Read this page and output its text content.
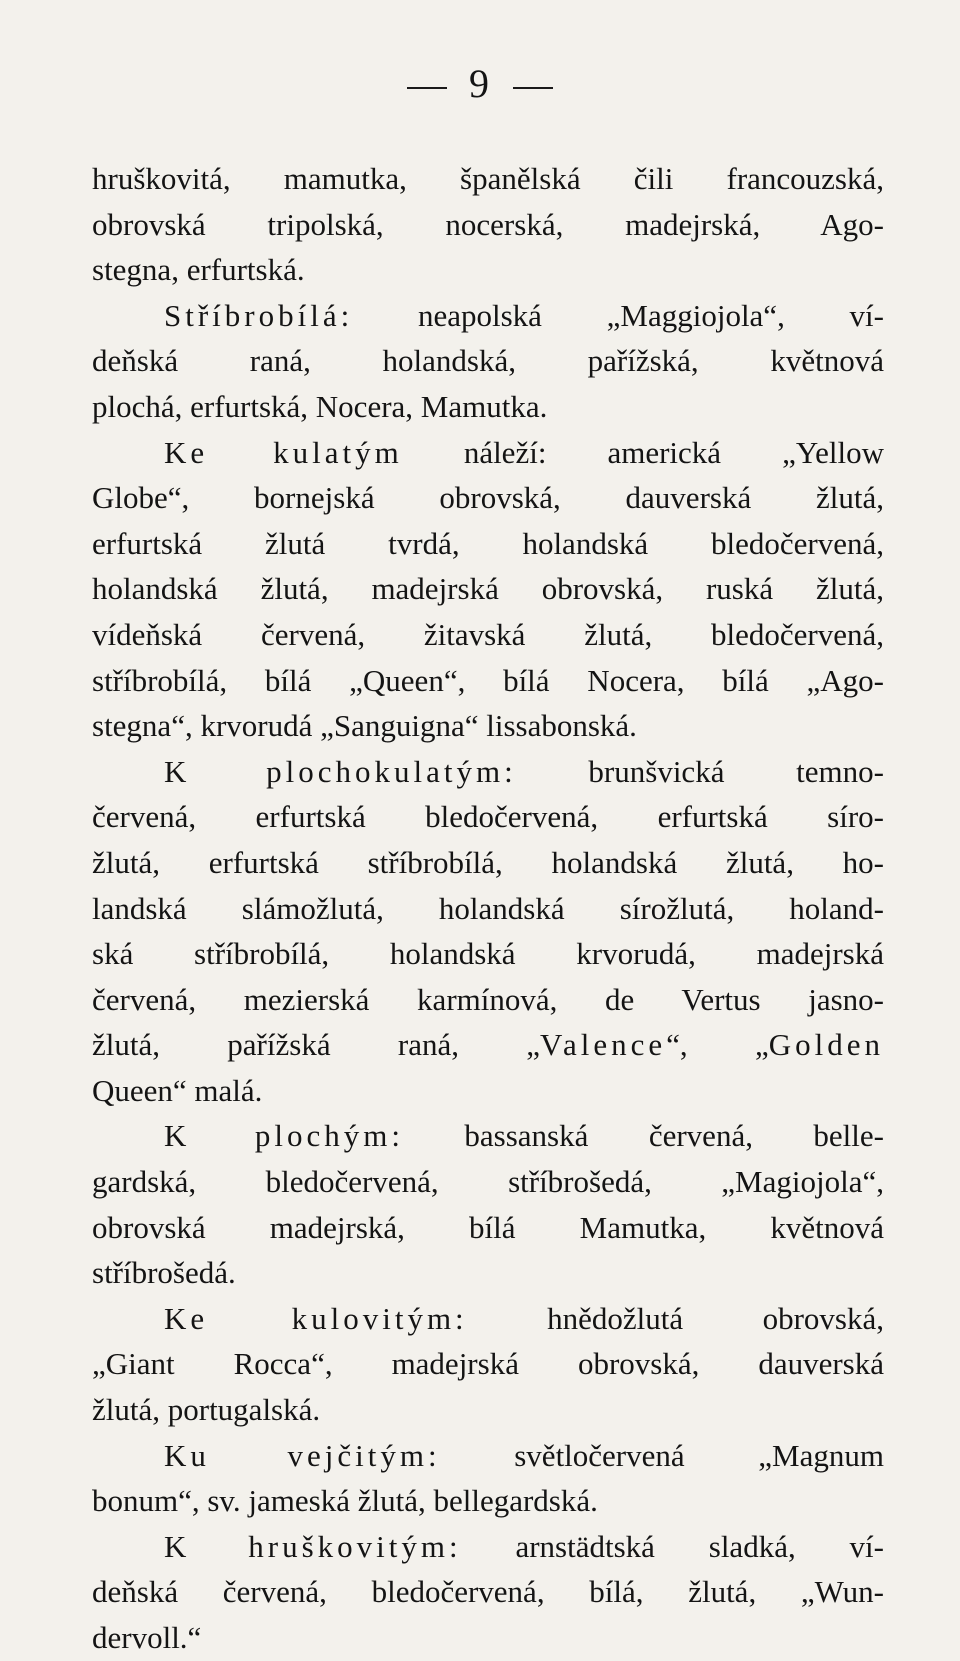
9
hruškovitá, mamutka, španělská čili francouzská,
obrovská tripolská, nocerská, madejrská, Ago-
stegna, erfurtská.
Stříbrobílá: neapolská „Maggiojola“, ví-
deňská raná, holandská, pařížská, květnová
plochá, erfurtská, Nocera, Mamutka.
Ke kulatým náleží: americká „Yellow
Globe“, bornejská obrovská, dauverská žlutá,
erfurtská žlutá tvrdá, holandská bledočervená,
holandská žlutá, madejrská obrovská, ruská žlutá,
vídeňská červená, žitavská žlutá, bledočervená,
stříbrobílá, bílá „Queen“, bílá Nocera, bílá „Ago-
stegna“, krvorudá „Sanguigna“ lissabonská.
K plochokulatým: brunšvická temno-
červená, erfurtská bledočervená, erfurtská síro-
žlutá, erfurtská stříbrobílá, holandská žlutá, ho-
landská slámožlutá, holandská sírožlutá, holand-
ská stříbrobílá, holandská krvorudá, madejrská
červená, mezierská karmínová, de Vertus jasno-
žlutá, pařížská raná, „Valence“, „Golden
Queen“ malá.
K plochým: bassanská červená, belle-
gardská, bledočervená, stříbrošedá, „Magiojola“,
obrovská madejrská, bílá Mamutka, květnová
stříbrošedá.
Ke kulovitým: hnědožlutá obrovská,
„Giant Rocca“, madejrská obrovská, dauverská
žlutá, portugalská.
Ku vejčitým: světločervená „Magnum
bonum“, sv. jameská žlutá, bellegardská.
K hruškovitým: arnstädtská sladká, ví-
deňská červená, bledočervená, bílá, žlutá, „Wun-
dervoll.“
